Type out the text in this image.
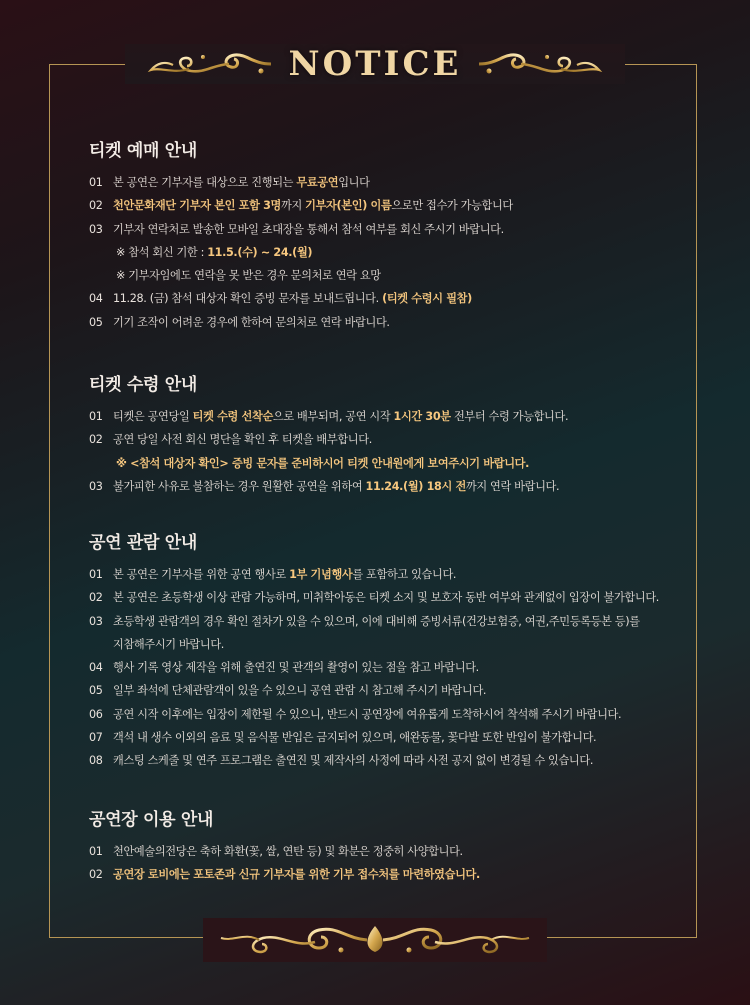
NOTICE
티켓 예매 안내
01 본 공연은 기부자를 대상으로 진행되는 무료공연입니다
02 천안문화재단 기부자 본인 포함 3명까지 기부자(본인) 이름으로만 접수가 가능합니다
03 기부자 연락처로 발송한 모바일 초대장을 통해서 참석 여부를 회신 주시기 바랍니다.
※ 참석 회신 기한 : 11.5.(수) ~ 24.(월)
※ 기부자임에도 연락을 못 받은 경우 문의처로 연락 요망
04 11.28. (금) 참석 대상자 확인 증빙 문자를 보내드립니다. (티켓 수령시 필참)
05 기기 조작이 어려운 경우에 한하여 문의처로 연락 바랍니다.
티켓 수령 안내
01 티켓은 공연당일 티켓 수령 선착순으로 배부되며, 공연 시작 1시간 30분 전부터 수령 가능합니다.
02 공연 당일 사전 회신 명단을 확인 후 티켓을 배부합니다.
※ <참석 대상자 확인> 증빙 문자를 준비하시어 티켓 안내원에게 보여주시기 바랍니다.
03 불가피한 사유로 불참하는 경우 원활한 공연을 위하여 11.24.(월) 18시 전까지 연락 바랍니다.
공연 관람 안내
01 본 공연은 기부자를 위한 공연 행사로 1부 기념행사를 포함하고 있습니다.
02 본 공연은 초등학생 이상 관람 가능하며, 미취학아동은 티켓 소지 및 보호자 동반 여부와 관계없이 입장이 불가합니다.
03 초등학생 관람객의 경우 확인 절차가 있을 수 있으며, 이에 대비해 증빙서류(건강보험증, 여권,주민등록등본 등)를
지참해주시기 바랍니다.
04 행사 기록 영상 제작을 위해 출연진 및 관객의 촬영이 있는 점을 참고 바랍니다.
05 일부 좌석에 단체관람객이 있을 수 있으니 공연 관람 시 참고해 주시기 바랍니다.
06 공연 시작 이후에는 입장이 제한될 수 있으니, 반드시 공연장에 여유롭게 도착하시어 착석해 주시기 바랍니다.
07 객석 내 생수 이외의 음료 및 음식물 반입은 금지되어 있으며, 애완동물, 꽃다발 또한 반입이 불가합니다.
08 캐스팅 스케줄 및 연주 프로그램은 출연진 및 제작사의 사정에 따라 사전 공지 없이 변경될 수 있습니다.
공연장 이용 안내
01 천안예술의전당은 축하 화환(꽃, 쌀, 연탄 등) 및 화분은 정중히 사양합니다.
02 공연장 로비에는 포토존과 신규 기부자를 위한 기부 접수처를 마련하였습니다.
